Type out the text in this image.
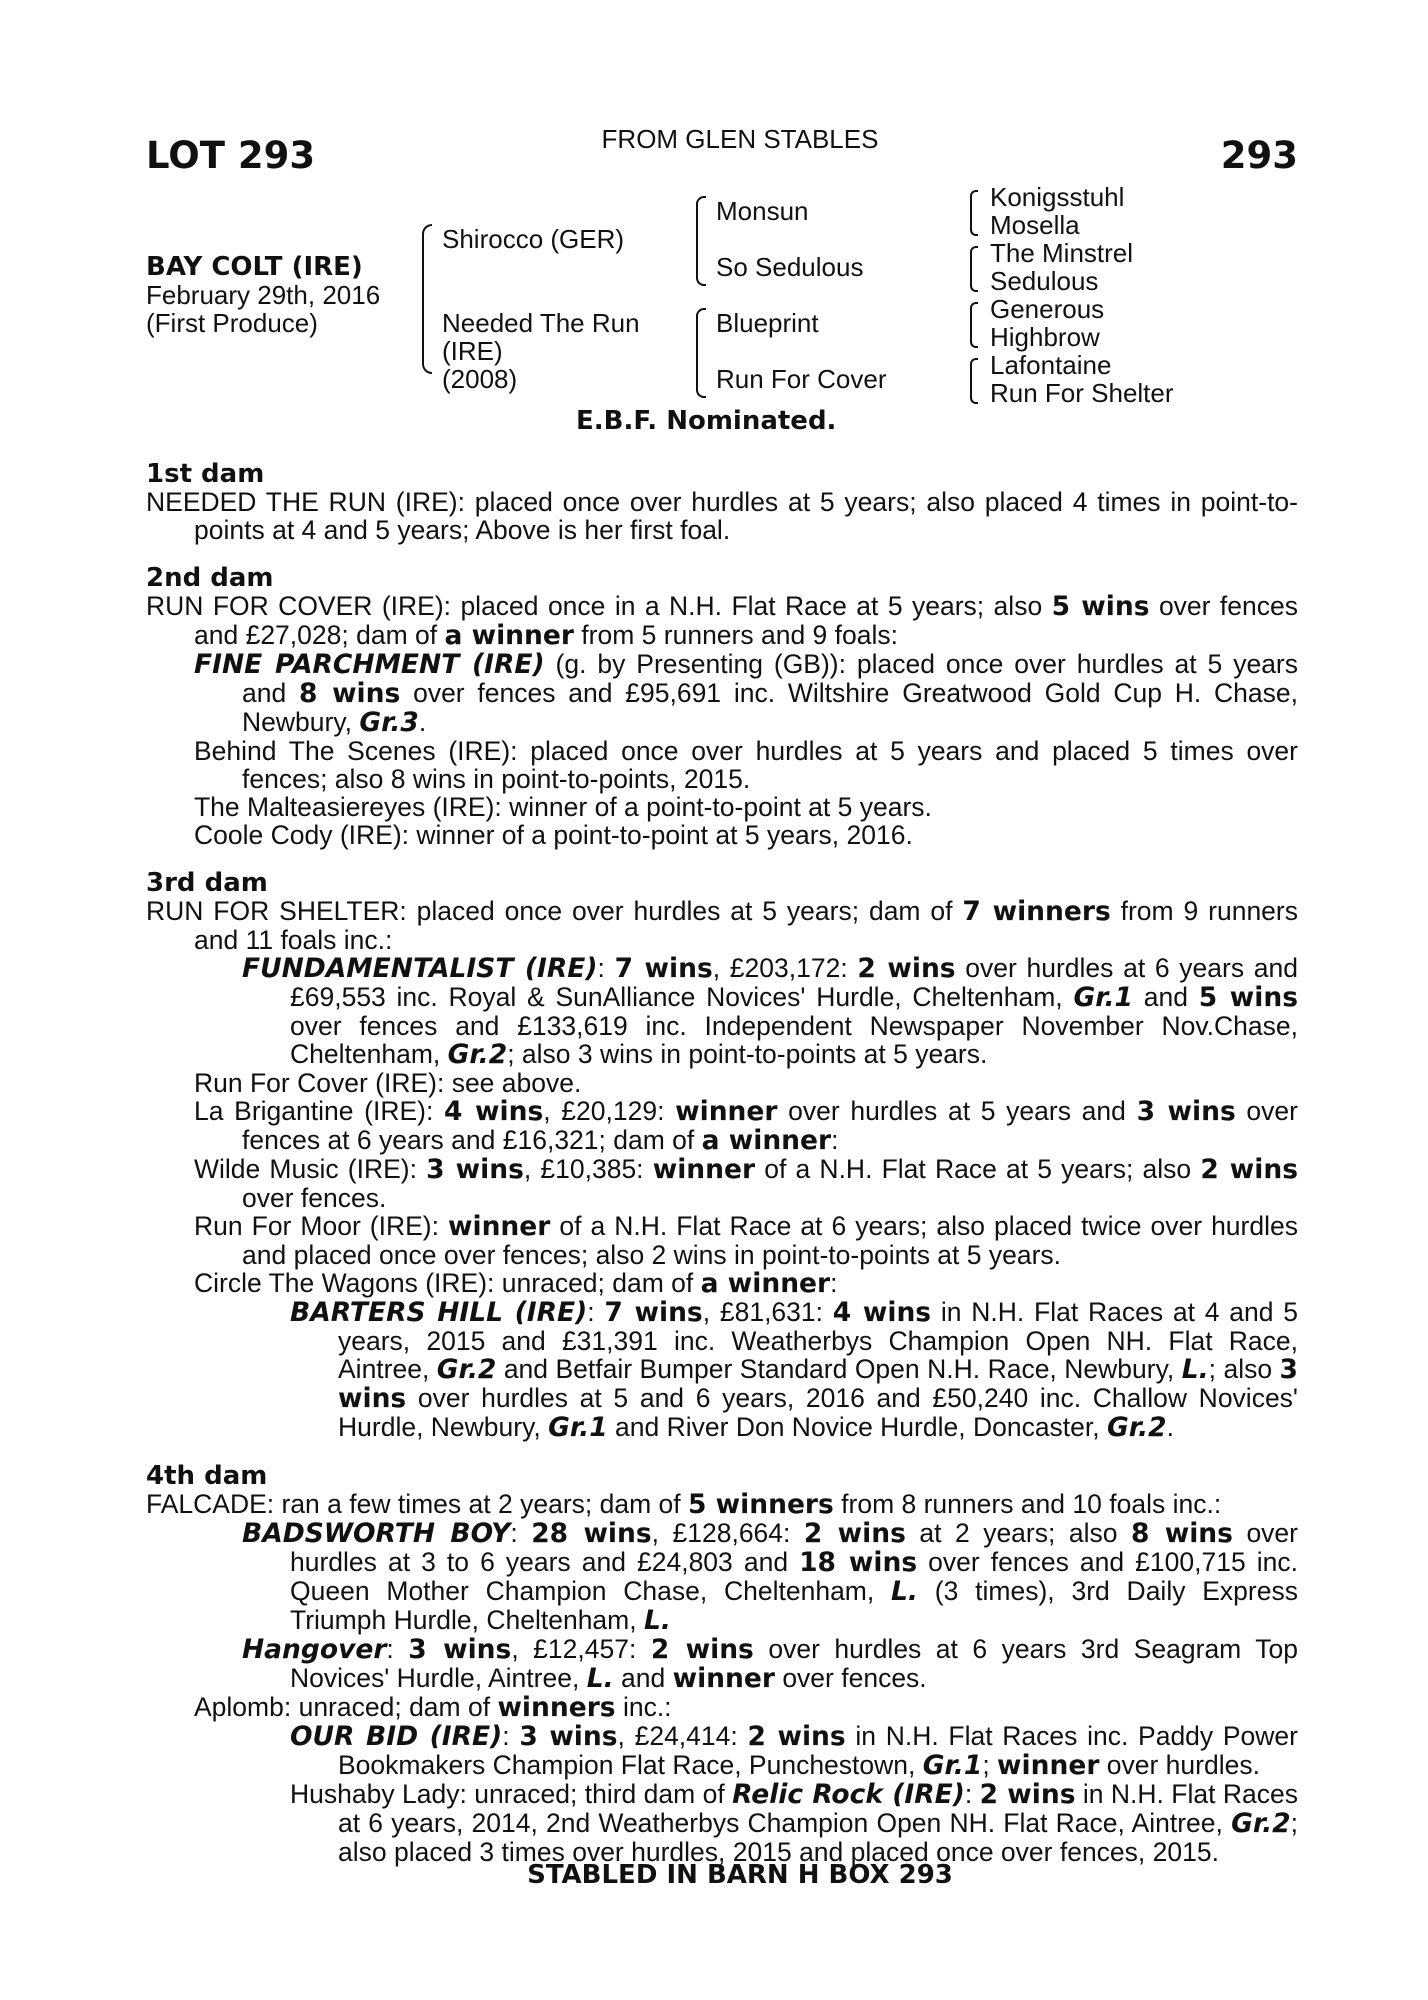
LOT 293	FROM GLEN STABLES	293
BAY COLT (IRE)
February 29th, 2016
(First Produce)
Shirocco (GER)
Needed The Run
(IRE)
(2008)
Monsun
So Sedulous
Blueprint
Run For Cover
Konigsstuhl
Mosella
The Minstrel
Sedulous
Generous
Highbrow
Lafontaine
Run For Shelter
E.B.F. Nominated.
1st dam

NEEDED THE RUN (IRE): placed once over hurdles at 5 years; also placed 4 times in point-to-points at 4 and 5 years; Above is her first foal.

2nd dam

RUN FOR COVER (IRE): placed once in a N.H. Flat Race at 5 years; also 5 wins over fences and £27,028; dam of a winner from 5 runners and 9 foals:

FINE PARCHMENT (IRE) (g. by Presenting (GB)): placed once over hurdles at 5 years and 8 wins over fences and £95,691 inc. Wiltshire Greatwood Gold Cup H. Chase, Newbury, Gr.3.

Behind The Scenes (IRE): placed once over hurdles at 5 years and placed 5 times over fences; also 8 wins in point-to-points, 2015.

The Malteasiereyes (IRE): winner of a point-to-point at 5 years.

Coole Cody (IRE): winner of a point-to-point at 5 years, 2016.

3rd dam

RUN FOR SHELTER: placed once over hurdles at 5 years; dam of 7 winners from 9 runners and 11 foals inc.:

FUNDAMENTALIST (IRE): 7 wins, £203,172: 2 wins over hurdles at 6 years and £69,553 inc. Royal & SunAlliance Novices' Hurdle, Cheltenham, Gr.1 and 5 wins over fences and £133,619 inc. Independent Newspaper November Nov.Chase, Cheltenham, Gr.2; also 3 wins in point-to-points at 5 years.

Run For Cover (IRE): see above.

La Brigantine (IRE): 4 wins, £20,129: winner over hurdles at 5 years and 3 wins over fences at 6 years and £16,321; dam of a winner:

Wilde Music (IRE): 3 wins, £10,385: winner of a N.H. Flat Race at 5 years; also 2 wins over fences.

Run For Moor (IRE): winner of a N.H. Flat Race at 6 years; also placed twice over hurdles and placed once over fences; also 2 wins in point-to-points at 5 years.

Circle The Wagons (IRE): unraced; dam of a winner:

BARTERS HILL (IRE): 7 wins, £81,631: 4 wins in N.H. Flat Races at 4 and 5 years, 2015 and £31,391 inc. Weatherbys Champion Open NH. Flat Race, Aintree, Gr.2 and Betfair Bumper Standard Open N.H. Race, Newbury, L.; also 3 wins over hurdles at 5 and 6 years, 2016 and £50,240 inc. Challow Novices' Hurdle, Newbury, Gr.1 and River Don Novice Hurdle, Doncaster, Gr.2.

4th dam

FALCADE: ran a few times at 2 years; dam of 5 winners from 8 runners and 10 foals inc.:

BADSWORTH BOY: 28 wins, £128,664: 2 wins at 2 years; also 8 wins over hurdles at 3 to 6 years and £24,803 and 18 wins over fences and £100,715 inc. Queen Mother Champion Chase, Cheltenham, L. (3 times), 3rd Daily Express Triumph Hurdle, Cheltenham, L.

Hangover: 3 wins, £12,457: 2 wins over hurdles at 6 years 3rd Seagram Top Novices' Hurdle, Aintree, L. and winner over fences.

Aplomb: unraced; dam of winners inc.:

OUR BID (IRE): 3 wins, £24,414: 2 wins in N.H. Flat Races inc. Paddy Power Bookmakers Champion Flat Race, Punchestown, Gr.1; winner over hurdles.

Hushaby Lady: unraced; third dam of Relic Rock (IRE): 2 wins in N.H. Flat Races at 6 years, 2014, 2nd Weatherbys Champion Open NH. Flat Race, Aintree, Gr.2; also placed 3 times over hurdles, 2015 and placed once over fences, 2015.

STABLED IN BARN H BOX 293
